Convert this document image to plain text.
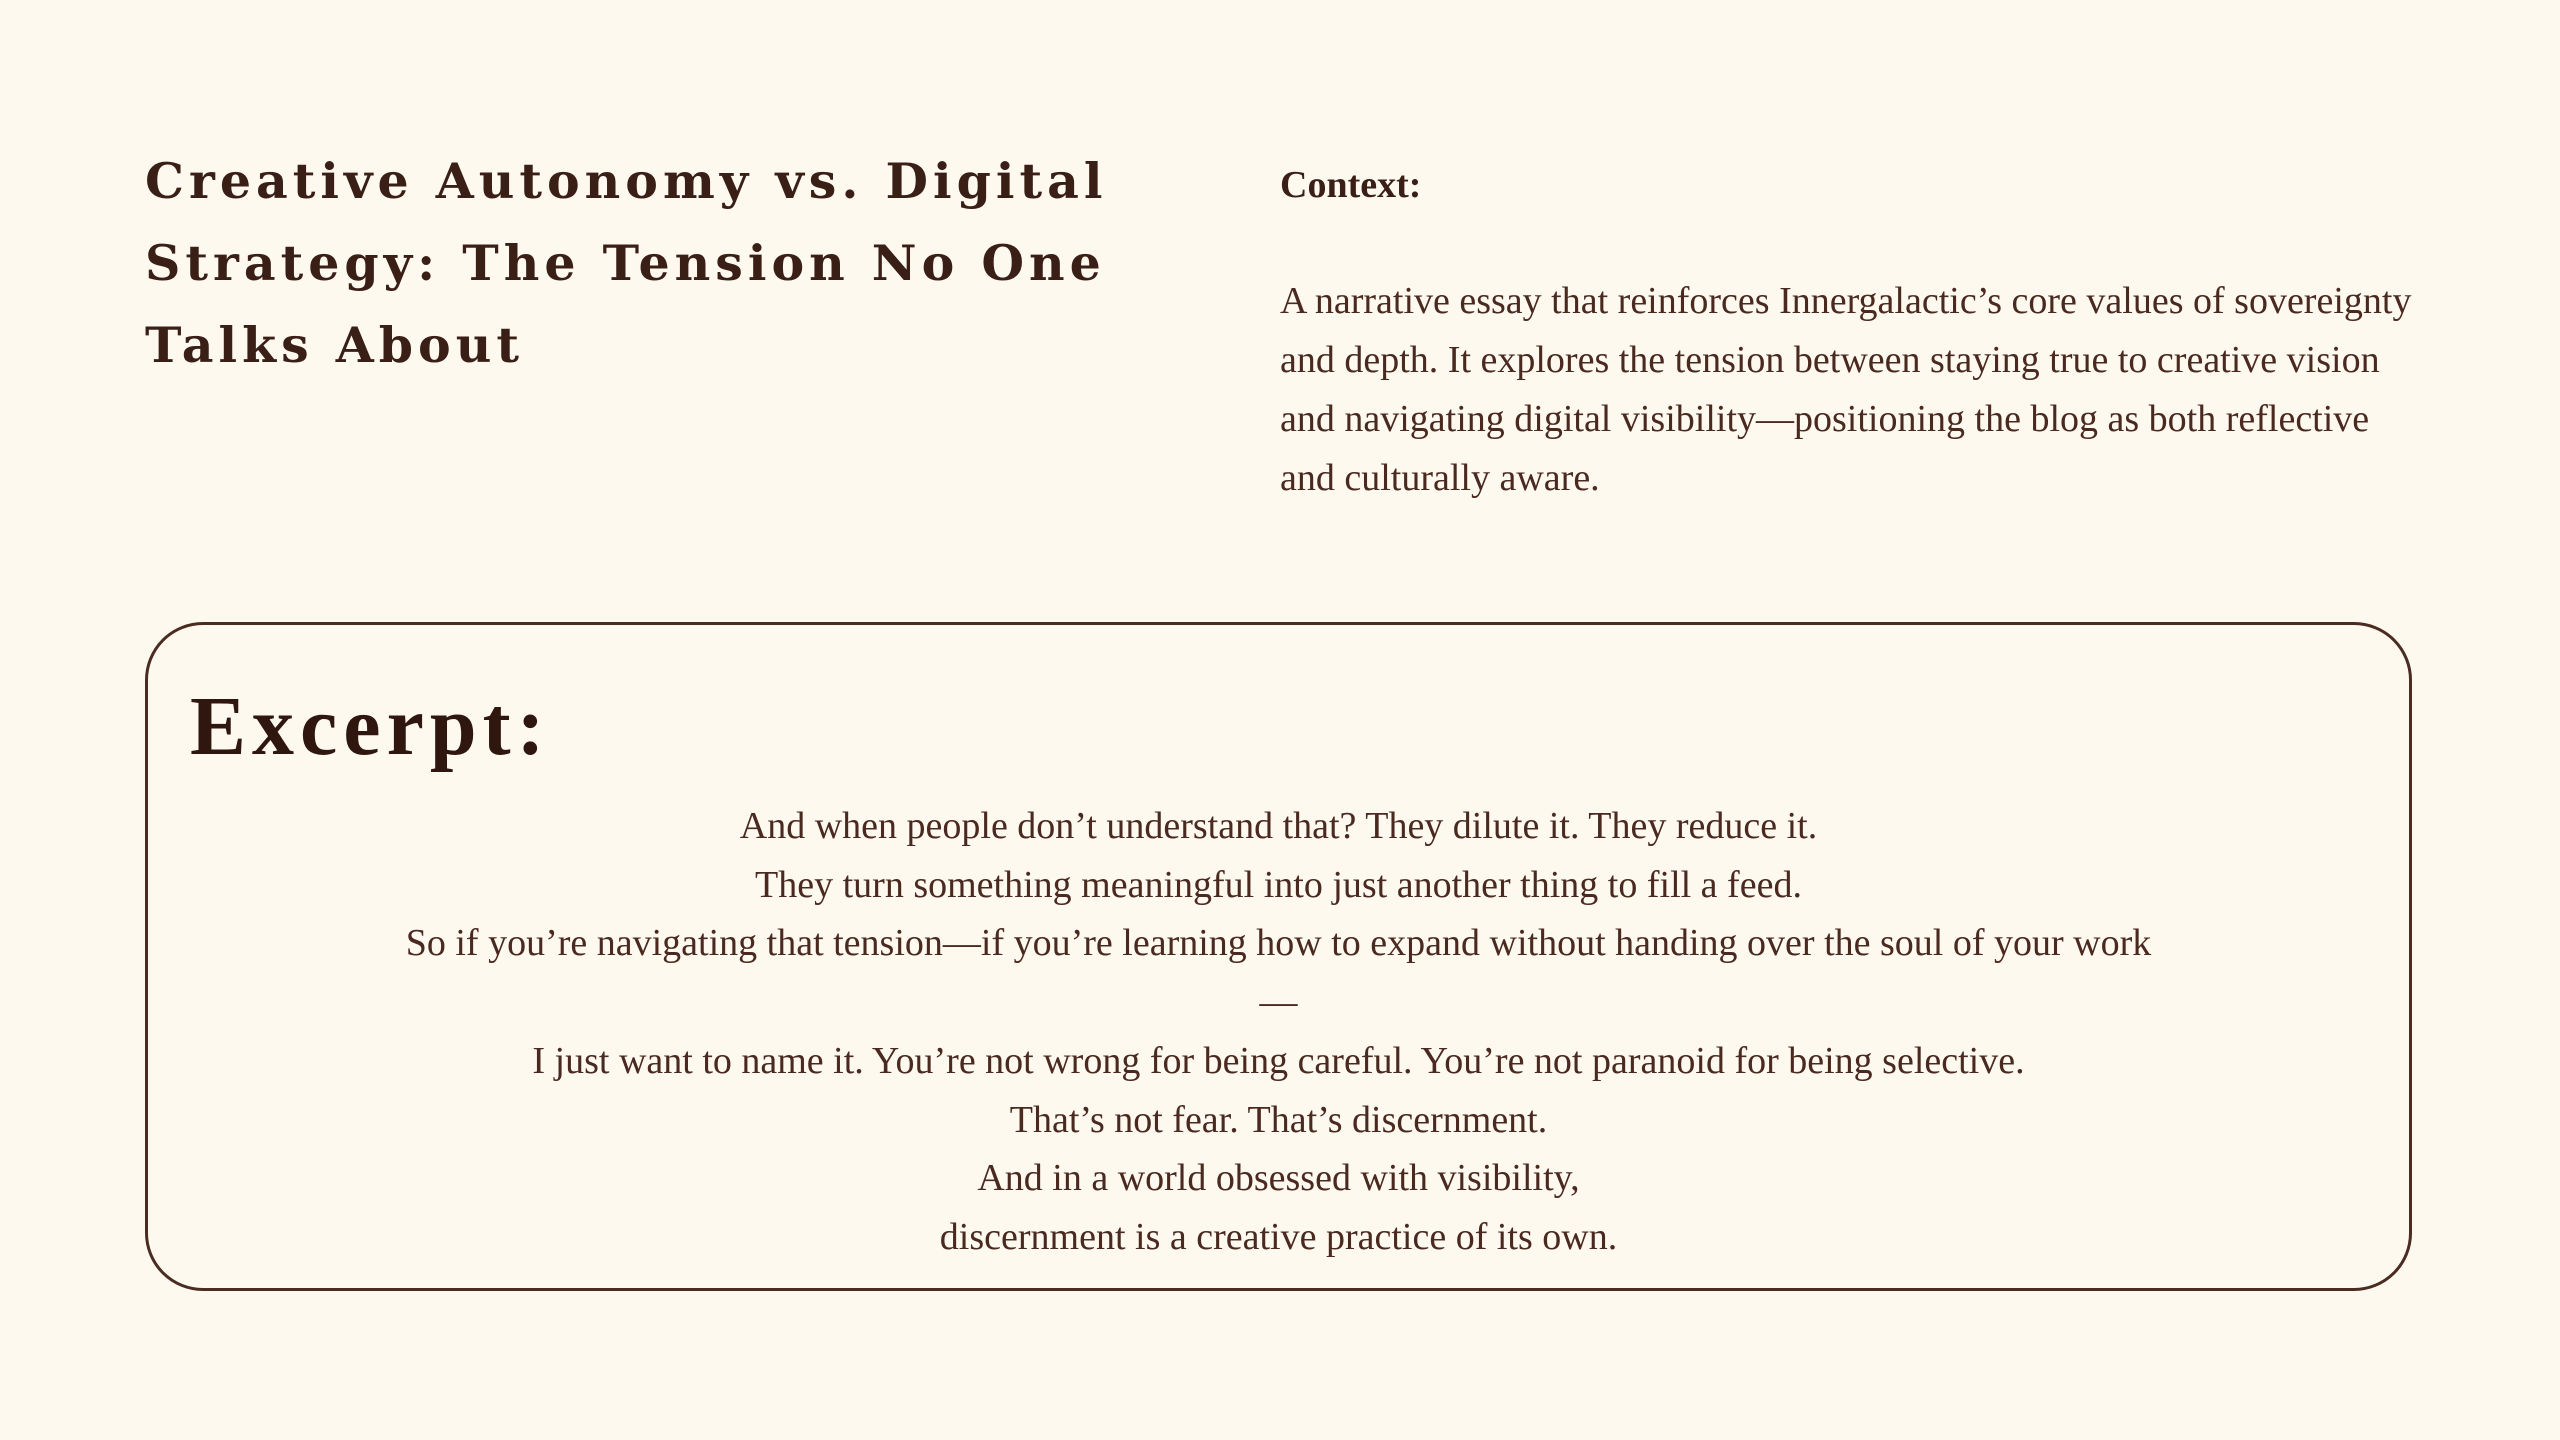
Creative Autonomy vs. Digital Strategy: The Tension No One Talks About
Context:

A narrative essay that reinforces Innergalactic’s core values of sovereignty and depth. It explores the tension between staying true to creative vision and navigating digital visibility—positioning the blog as both reflective and culturally aware.

Excerpt:
And when people don’t understand that? They dilute it. They reduce it.
They turn something meaningful into just another thing to fill a feed.
So if you’re navigating that tension—if you’re learning how to expand without handing over the soul of your work
—
I just want to name it. You’re not wrong for being careful. You’re not paranoid for being selective.
That’s not fear. That’s discernment.
And in a world obsessed with visibility,
discernment is a creative practice of its own.
